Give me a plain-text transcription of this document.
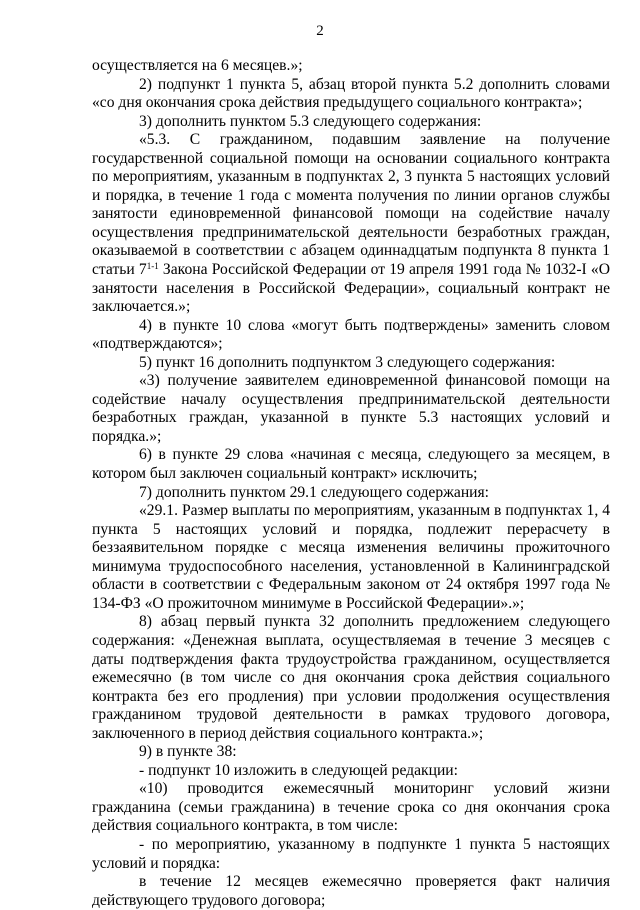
2

осуществляется на 6 месяцев.»;

2) подпункт 1 пункта 5, абзац второй пункта 5.2 дополнить словами «со дня окончания срока действия предыдущего социального контракта»;

3) дополнить пунктом 5.3 следующего содержания:

«5.3. С гражданином, подавшим заявление на получение государственной социальной помощи на основании социального контракта по мероприятиям, указанным в подпунктах 2, 3 пункта 5 настоящих условий и порядка, в течение 1 года с момента получения по линии органов службы занятости единовременной финансовой помощи на содействие началу осуществления предпринимательской деятельности безработных граждан, оказываемой в соответствии с абзацем одиннадцатым подпункта 8 пункта 1 статьи 7$^{1-1}$ Закона Российской Федерации от 19 апреля 1991 года № 1032-I «О занятости населения в Российской Федерации», социальный контракт не заключается.»;

4) в пункте 10 слова «могут быть подтверждены» заменить словом «подтверждаются»;

5) пункт 16 дополнить подпунктом 3 следующего содержания:

«3) получение заявителем единовременной финансовой помощи на содействие началу осуществления предпринимательской деятельности безработных граждан, указанной в пункте 5.3 настоящих условий и порядка.»;

6) в пункте 29 слова «начиная с месяца, следующего за месяцем, в котором был заключен социальный контракт» исключить;

7) дополнить пунктом 29.1 следующего содержания:

«29.1. Размер выплаты по мероприятиям, указанным в подпунктах 1, 4 пункта 5 настоящих условий и порядка, подлежит перерасчету в беззаявительном порядке с месяца изменения величины прожиточного минимума трудоспособного населения, установленной в Калининградской области в соответствии с Федеральным законом от 24 октября 1997 года № 134-ФЗ «О прожиточном минимуме в Российской Федерации».»;

8) абзац первый пункта 32 дополнить предложением следующего содержания: «Денежная выплата, осуществляемая в течение 3 месяцев с даты подтверждения факта трудоустройства гражданином, осуществляется ежемесячно (в том числе со дня окончания срока действия социального контракта без его продления) при условии продолжения осуществления гражданином трудовой деятельности в рамках трудового договора, заключенного в период действия социального контракта.»;

9) в пункте 38:

- подпункт 10 изложить в следующей редакции:

«10) проводится ежемесячный мониторинг условий жизни гражданина (семьи гражданина) в течение срока со дня окончания срока действия социального контракта, в том числе:

- по мероприятию, указанному в подпункте 1 пункта 5 настоящих условий и порядка:

в течение 12 месяцев ежемесячно проверяется факт наличия действующего трудового договора;
